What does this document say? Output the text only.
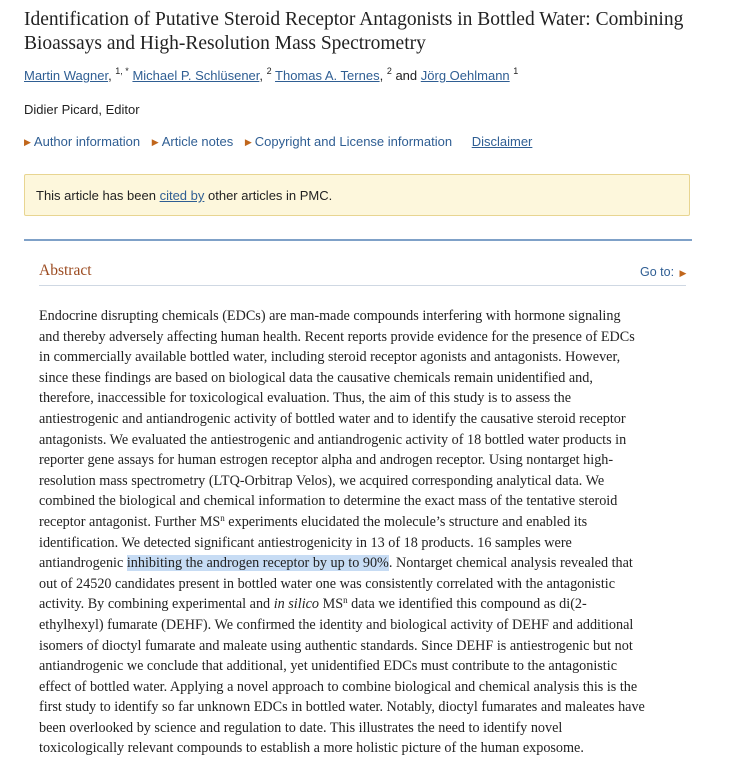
Identification of Putative Steroid Receptor Antagonists in Bottled Water: Combining Bioassays and High-Resolution Mass Spectrometry
Martin Wagner, $^{1, *}$ Michael P. Schlüsener, $^2$ Thomas A. Ternes, $^2$ and Jörg Oehlmann $^1$
Didier Picard, Editor
▶ Author information ▶ Article notes ▶ Copyright and License information Disclaimer
This article has been cited by other articles in PMC.
Abstract	Go to: ▶
Endocrine disrupting chemicals (EDCs) are man-made compounds interfering with hormone signaling
and thereby adversely affecting human health. Recent reports provide evidence for the presence of EDCs
in commercially available bottled water, including steroid receptor agonists and antagonists. However,
since these findings are based on biological data the causative chemicals remain unidentified and,
therefore, inaccessible for toxicological evaluation. Thus, the aim of this study is to assess the
antiestrogenic and antiandrogenic activity of bottled water and to identify the causative steroid receptor
antagonists. We evaluated the antiestrogenic and antiandrogenic activity of 18 bottled water products in
reporter gene assays for human estrogen receptor alpha and androgen receptor. Using nontarget high-
resolution mass spectrometry (LTQ-Orbitrap Velos), we acquired corresponding analytical data. We
combined the biological and chemical information to determine the exact mass of the tentative steroid
receptor antagonist. Further $MS^n$ experiments elucidated the molecule’s structure and enabled its
identification. We detected significant antiestrogenicity in 13 of 18 products. 16 samples were
antiandrogenic inhibiting the androgen receptor by up to 90%. Nontarget chemical analysis revealed that
out of 24520 candidates present in bottled water one was consistently correlated with the antagonistic
activity. By combining experimental and in silico $MS^n$ data we identified this compound as di(2-
ethylhexyl) fumarate (DEHF). We confirmed the identity and biological activity of DEHF and additional
isomers of dioctyl fumarate and maleate using authentic standards. Since DEHF is antiestrogenic but not
antiandrogenic we conclude that additional, yet unidentified EDCs must contribute to the antagonistic
effect of bottled water. Applying a novel approach to combine biological and chemical analysis this is the
first study to identify so far unknown EDCs in bottled water. Notably, dioctyl fumarates and maleates have
been overlooked by science and regulation to date. This illustrates the need to identify novel
toxicologically relevant compounds to establish a more holistic picture of the human exposome.
